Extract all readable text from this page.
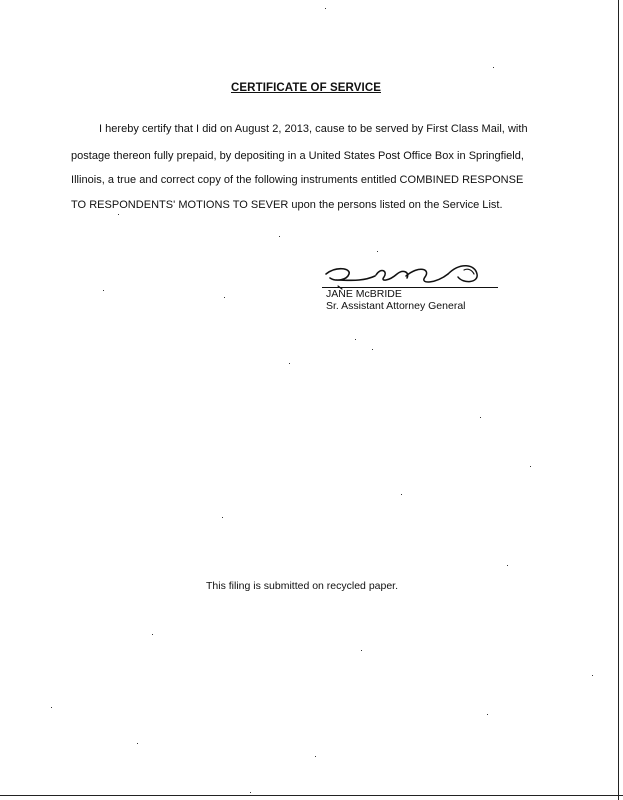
CERTIFICATE OF SERVICE
I hereby certify that I did on August 2, 2013, cause to be served by First Class Mail, with
postage thereon fully prepaid, by depositing in a United States Post Office Box in Springfield,
Illinois, a true and correct copy of the following instruments entitled COMBINED RESPONSE
TO RESPONDENTS' MOTIONS TO SEVER upon the persons listed on the Service List.
JANE McBRIDE
Sr. Assistant Attorney General
This filing is submitted on recycled paper.
